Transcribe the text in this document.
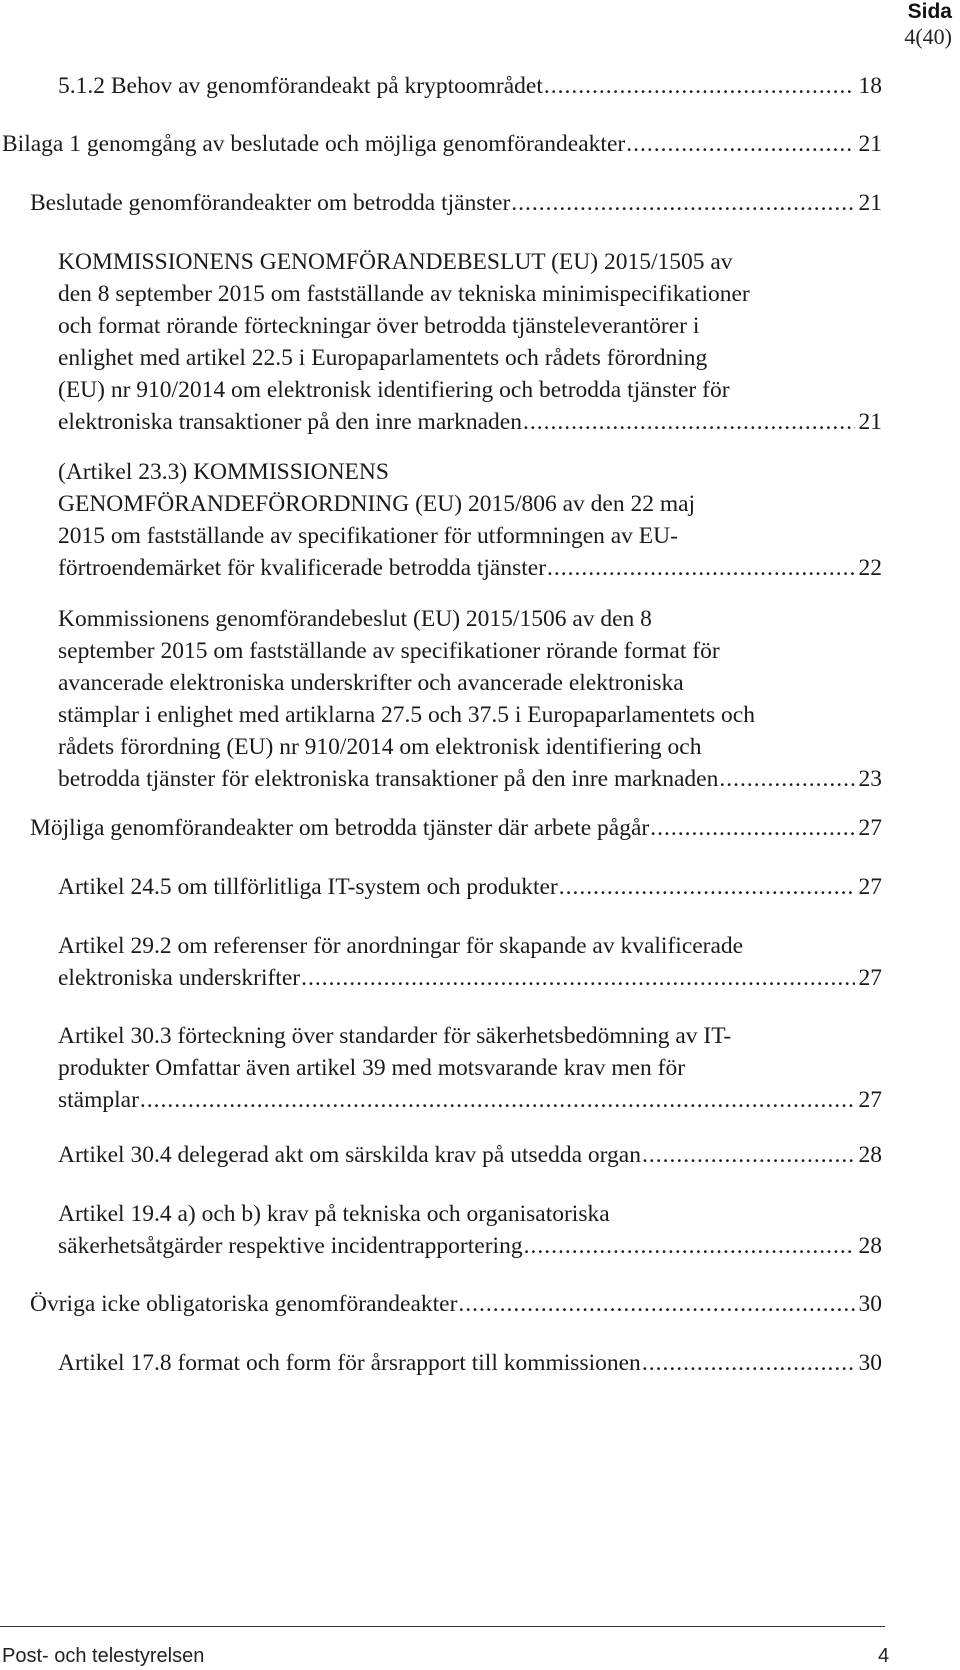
Sida
4(40)
5.1.2 Behov av genomförandeakt på kryptoområdet .....	18
Bilaga 1 genomgång av beslutade och möjliga genomförandeakter .....	21
Beslutade genomförandeakter om betrodda tjänster .....	21
KOMMISSIONENS GENOMFÖRANDEBESLUT (EU) 2015/1505 av
den 8 september 2015 om fastställande av tekniska minimispecifikationer
och format rörande förteckningar över betrodda tjänsteleverantörer i
enlighet med artikel 22.5 i Europaparlamentets och rådets förordning
(EU) nr 910/2014 om elektronisk identifiering och betrodda tjänster för
elektroniska transaktioner på den inre marknaden .....	21
(Artikel 23.3) KOMMISSIONENS
GENOMFÖRANDEFÖRORDNING (EU) 2015/806 av den 22 maj
2015 om fastställande av specifikationer för utformningen av EU-
förtroendemärket för kvalificerade betrodda tjänster .....	22
Kommissionens genomförandebeslut (EU) 2015/1506 av den 8
september 2015 om fastställande av specifikationer rörande format för
avancerade elektroniska underskrifter och avancerade elektroniska
stämplar i enlighet med artiklarna 27.5 och 37.5 i Europaparlamentets och
rådets förordning (EU) nr 910/2014 om elektronisk identifiering och
betrodda tjänster för elektroniska transaktioner på den inre marknaden .....	23
Möjliga genomförandeakter om betrodda tjänster där arbete pågår .....	27
Artikel 24.5 om tillförlitliga IT-system och produkter .....	27
Artikel 29.2 om referenser för anordningar för skapande av kvalificerade
elektroniska underskrifter .....	27
Artikel 30.3 förteckning över standarder för säkerhetsbedömning av IT-
produkter Omfattar även artikel 39 med motsvarande krav men för
stämplar .....	27
Artikel 30.4 delegerad akt om särskilda krav på utsedda organ .....	28
Artikel 19.4 a) och b) krav på tekniska och organisatoriska
säkerhetsåtgärder respektive incidentrapportering .....	28
Övriga icke obligatoriska genomförandeakter .....	30
Artikel 17.8 format och form för årsrapport till kommissionen .....	30
Post- och telestyrelsen	4
